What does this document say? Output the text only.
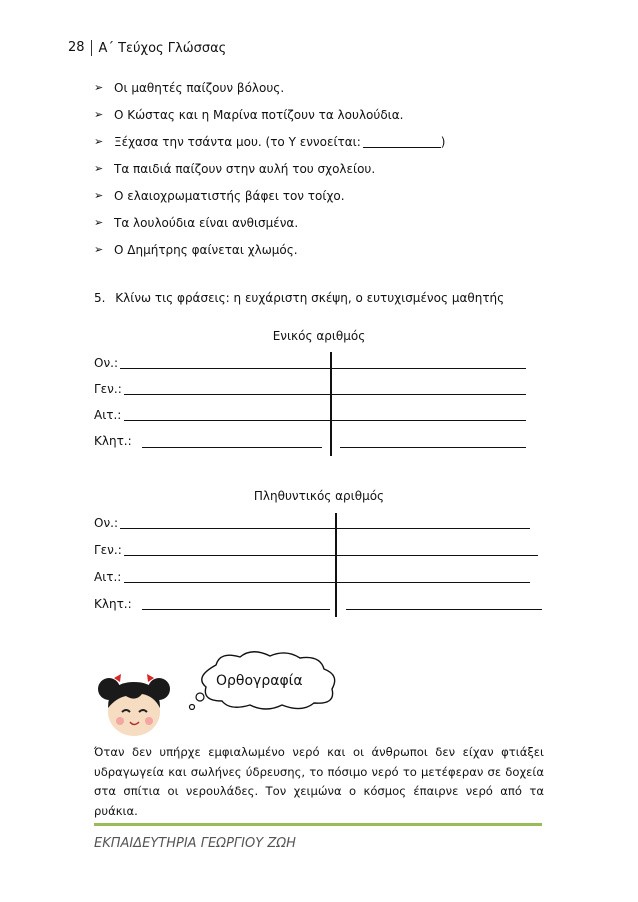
28	Α΄ Τεύχος Γλώσσας
➢ Οι μαθητές παίζουν βόλους.
➢ Ο Κώστας και η Μαρίνα ποτίζουν τα λουλούδια.
➢ Ξέχασα την τσάντα μου. (το Υ εννοείται:	)
➢ Τα παιδιά παίζουν στην αυλή του σχολείου.
➢ Ο ελαιοχρωματιστής βάφει τον τοίχο.
➢ Τα λουλούδια είναι ανθισμένα.
➢ Ο Δημήτρης φαίνεται χλωμός.
5. Κλίνω τις φράσεις: η ευχάριστη σκέψη, ο ευτυχισμένος μαθητής
Ενικός αριθμός
Ον.:
Γεν.:
Αιτ.:
Κλητ.:
Πληθυντικός αριθμός
Ον.:
Γεν.:
Αιτ.:
Κλητ.:
Ορθογραφία
Όταν δεν υπήρχε εμφιαλωμένο νερό και οι άνθρωποι δεν είχαν φτιάξει υδραγωγεία και σωλήνες ύδρευσης, το πόσιμο νερό το μετέφεραν σε δοχεία στα σπίτια οι νερουλάδες. Τον χειμώνα ο κόσμος έπαιρνε νερό από τα ρυάκια.
ΕΚΠΑΙΔΕΥΤΗΡΙΑ ΓΕΩΡΓΙΟΥ ΖΩΗ
